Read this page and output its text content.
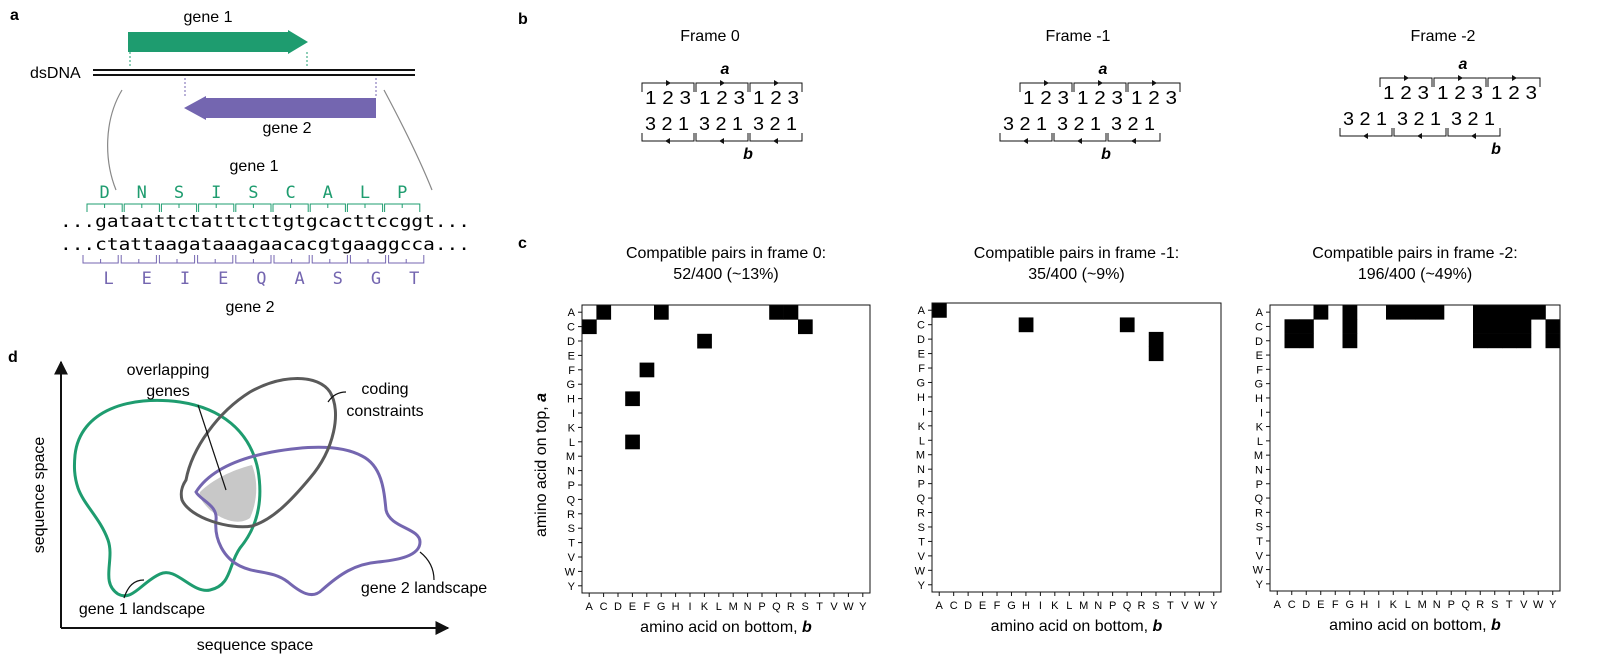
a	gene 1
dsDNA
gene 2
gene 1
D N S I S C A L P
...gataattctatttcttgtgcacttccggt...
...ctattaagataaagaacacgtgaaggcca...
L E I E Q A S G T
gene 2
b
Frame 0
a
1 2 3 1 2 3 1 2 3
3 2 1 3 2 1 3 2 1
b
Frame -1
a
1 2 3 1 2 3 1 2 3
3 2 1 3 2 1 3 2 1
b
Frame -2
a
1 2 3 1 2 3 1 2 3
3 2 1 3 2 1 3 2 1
b
c
Compatible pairs in frame 0:
52/400 (~13%)
A
C
D
E
F
G
H
I
K
L
M
N
P
Q
R
S
T
V
W
Y
A C D E F G H I K L M N P Q R S T V W Y
amino acid on bottom, b
amino acid on top, a
Compatible pairs in frame -1:
35/400 (~9%)
A
C
D
E
F
G
H
I
K
L
M
N
P
Q
R
S
T
V
W
Y
A C D E F G H I K L M N P Q R S T V W Y
amino acid on bottom, b
Compatible pairs in frame -2:
196/400 (~49%)
A
C
D
E
F
G
H
I
K
L
M
N
P
Q
R
S
T
V
W
Y
A C D E F G H I K L M N P Q R S T V W Y
amino acid on bottom, b
d
sequence space
sequence space
overlapping
genes	coding
constraints
gene 1 landscape
gene 2 landscape
